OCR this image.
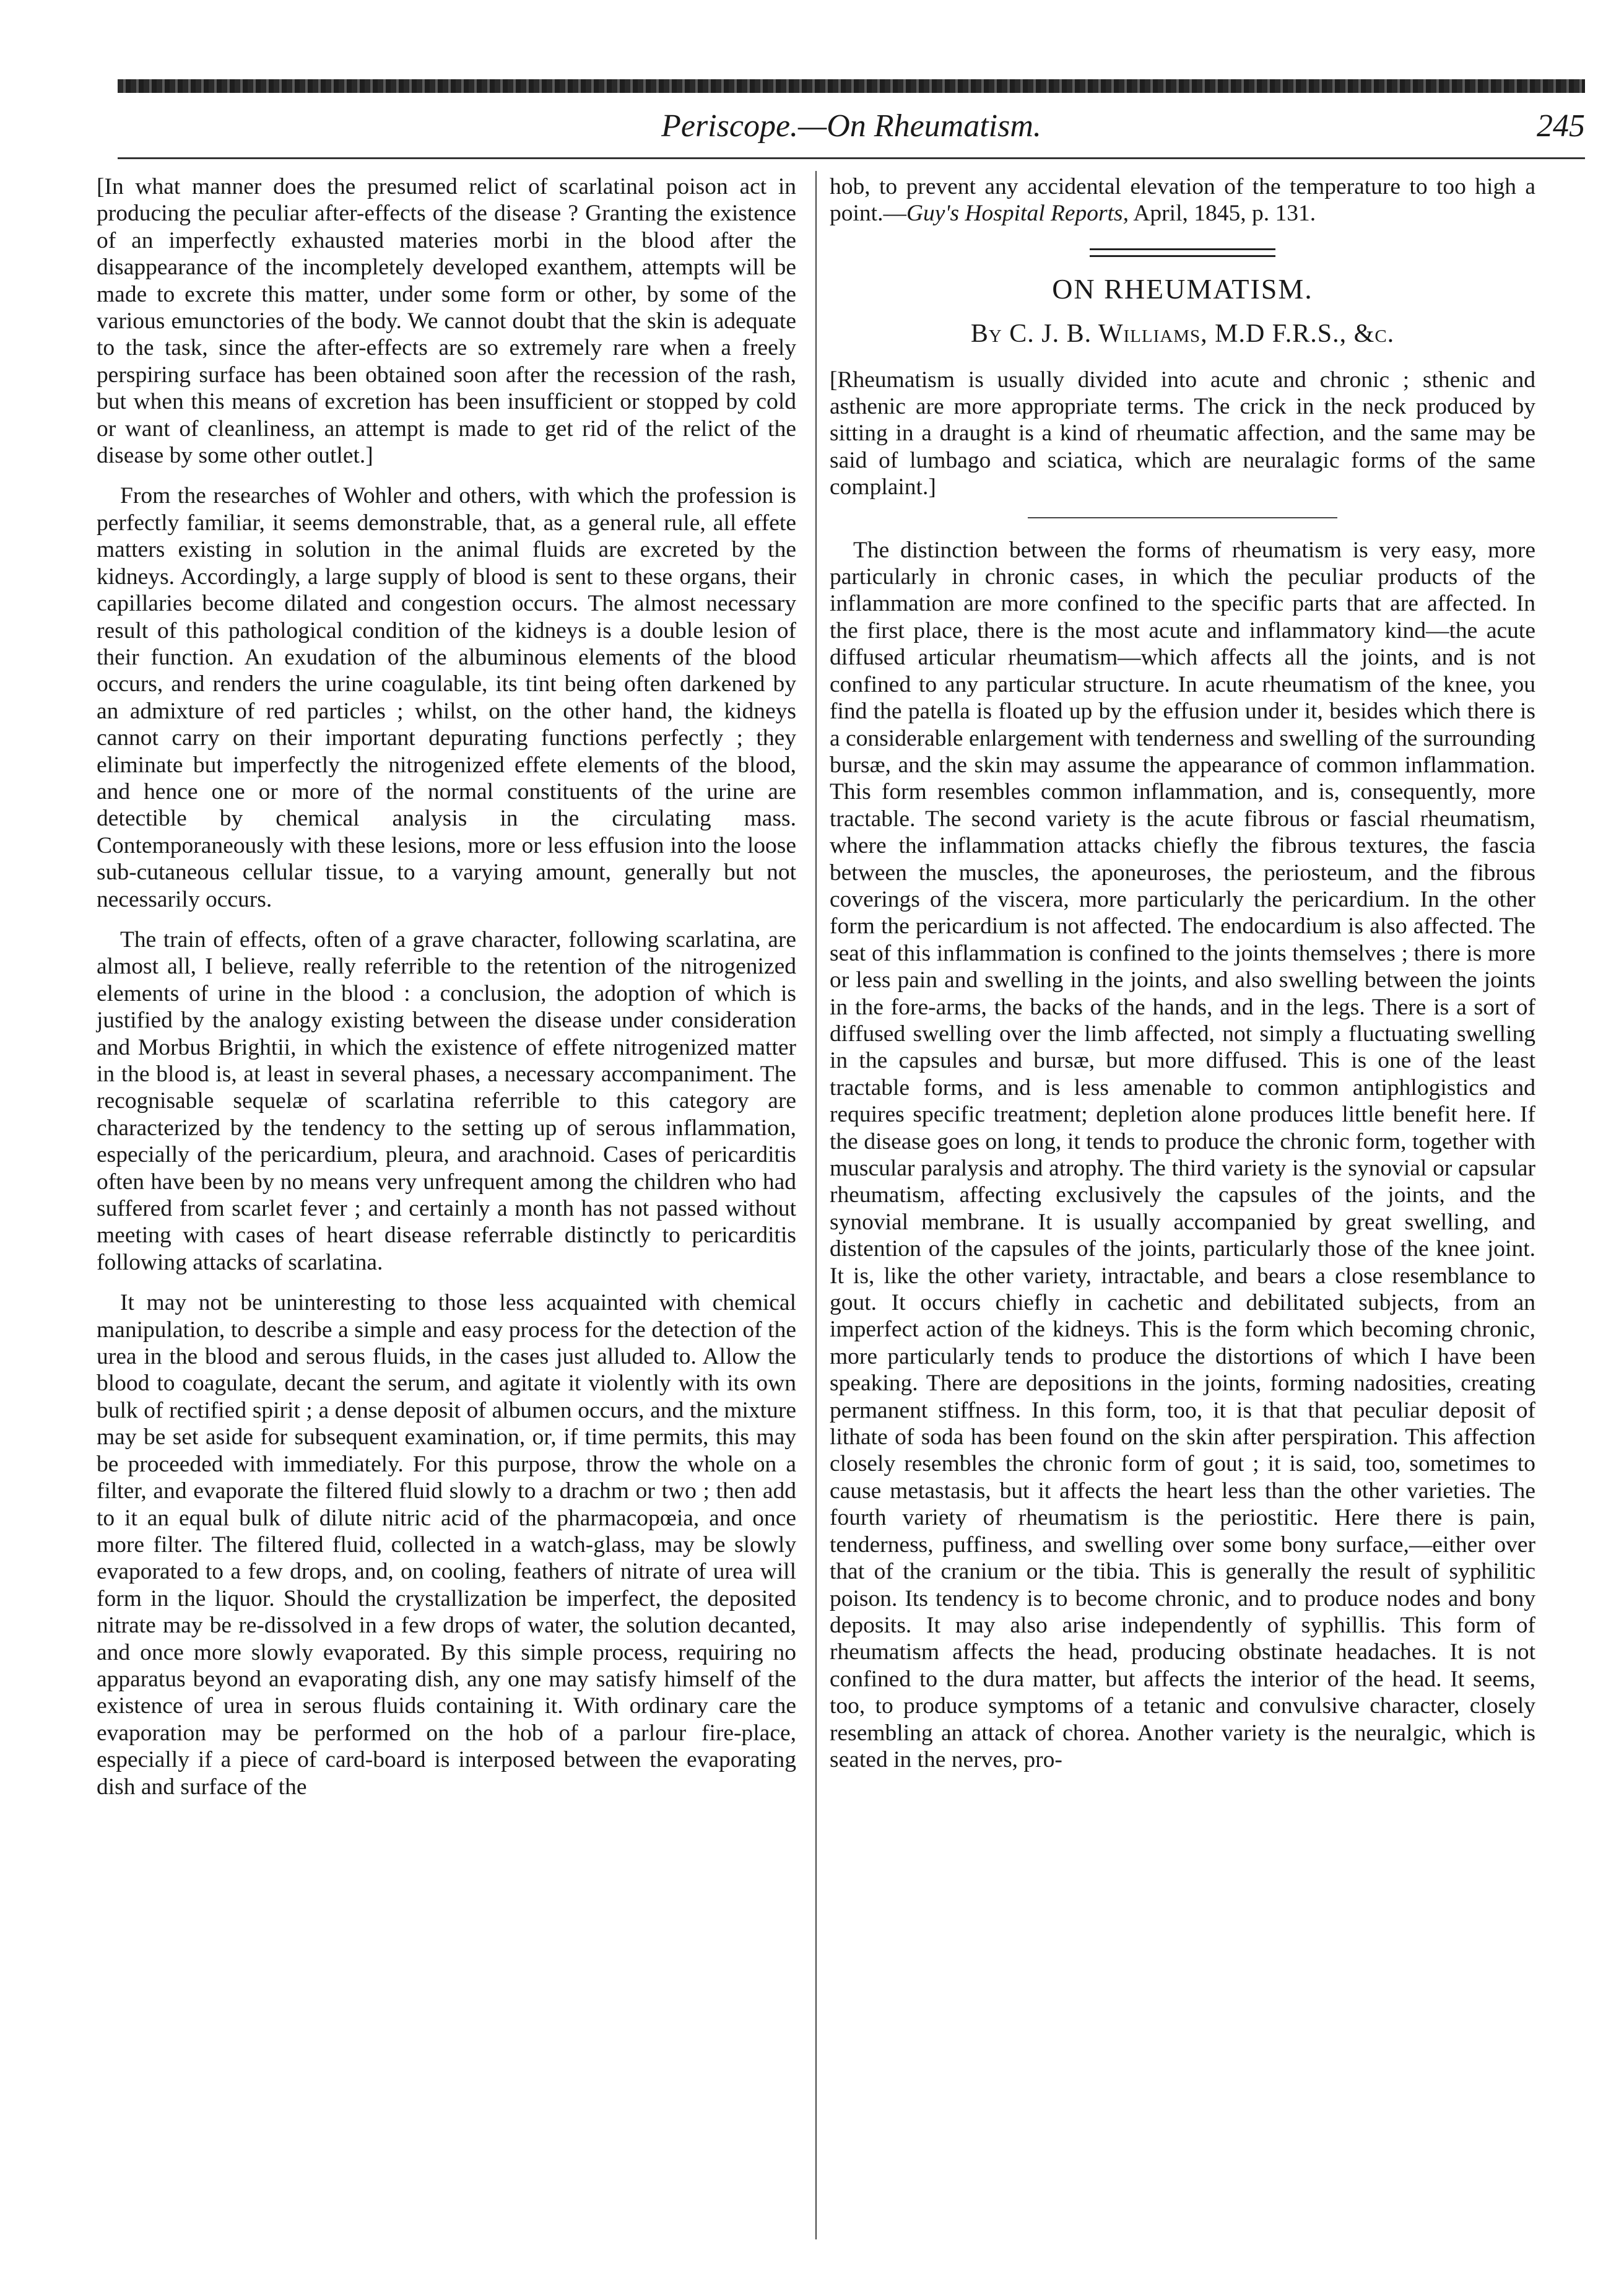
Periscope.—On Rheumatism.	245

[In what manner does the presumed relict of scarlatinal poison act in producing the peculiar after-effects of the disease ? Granting the existence of an imperfectly exhausted materies morbi in the blood after the disappearance of the incompletely developed exanthem, attempts will be made to excrete this matter, under some form or other, by some of the various emunctories of the body. We cannot doubt that the skin is adequate to the task, since the after-effects are so extremely rare when a freely perspiring surface has been obtained soon after the recession of the rash, but when this means of excretion has been insufficient or stopped by cold or want of cleanliness, an attempt is made to get rid of the relict of the disease by some other outlet.]

From the researches of Wohler and others, with which the profession is perfectly familiar, it seems demonstrable, that, as a general rule, all effete matters existing in solution in the animal fluids are excreted by the kidneys. Accordingly, a large supply of blood is sent to these organs, their capillaries become dilated and congestion occurs. The almost necessary result of this pathological condition of the kidneys is a double lesion of their function. An exudation of the albuminous elements of the blood occurs, and renders the urine coagulable, its tint being often darkened by an admixture of red particles ; whilst, on the other hand, the kidneys cannot carry on their important depurating functions perfectly ; they eliminate but imperfectly the nitrogenized effete elements of the blood, and hence one or more of the normal constituents of the urine are detectible by chemical analysis in the circulating mass. Contemporaneously with these lesions, more or less effusion into the loose sub-cutaneous cellular tissue, to a varying amount, generally but not necessarily occurs.

The train of effects, often of a grave character, following scarlatina, are almost all, I believe, really referrible to the retention of the nitrogenized elements of urine in the blood : a conclusion, the adoption of which is justified by the analogy existing between the disease under consideration and Morbus Brightii, in which the existence of effete nitrogenized matter in the blood is, at least in several phases, a necessary accompaniment. The recognisable sequelæ of scarlatina referrible to this category are characterized by the tendency to the setting up of serous inflammation, especially of the pericardium, pleura, and arachnoid. Cases of pericarditis often have been by no means very unfrequent among the children who had suffered from scarlet fever ; and certainly a month has not passed without meeting with cases of heart disease referrable distinctly to pericarditis following attacks of scarlatina.

It may not be uninteresting to those less acquainted with chemical manipulation, to describe a simple and easy process for the detection of the urea in the blood and serous fluids, in the cases just alluded to. Allow the blood to coagulate, decant the serum, and agitate it violently with its own bulk of rectified spirit ; a dense deposit of albumen occurs, and the mixture may be set aside for subsequent examination, or, if time permits, this may be proceeded with immediately. For this purpose, throw the whole on a filter, and evaporate the filtered fluid slowly to a drachm or two ; then add to it an equal bulk of dilute nitric acid of the pharmacopœia, and once more filter. The filtered fluid, collected in a watch-glass, may be slowly evaporated to a few drops, and, on cooling, feathers of nitrate of urea will form in the liquor. Should the crystallization be imperfect, the deposited nitrate may be re-dissolved in a few drops of water, the solution decanted, and once more slowly evaporated. By this simple process, requiring no apparatus beyond an evaporating dish, any one may satisfy himself of the existence of urea in serous fluids containing it. With ordinary care the evaporation may be performed on the hob of a parlour fire-place, especially if a piece of card-board is interposed between the evaporating dish and surface of the

hob, to prevent any accidental elevation of the temperature to too high a point.—Guy's Hospital Reports, April, 1845, p. 131.

ON RHEUMATISM.
By C. J. B. Williams, M.D F.R.S., &c.

[Rheumatism is usually divided into acute and chronic ; sthenic and asthenic are more appropriate terms. The crick in the neck produced by sitting in a draught is a kind of rheumatic affection, and the same may be said of lumbago and sciatica, which are neuralagic forms of the same complaint.]

The distinction between the forms of rheumatism is very easy, more particularly in chronic cases, in which the peculiar products of the inflammation are more confined to the specific parts that are affected. In the first place, there is the most acute and inflammatory kind—the acute diffused articular rheumatism—which affects all the joints, and is not confined to any particular structure. In acute rheumatism of the knee, you find the patella is floated up by the effusion under it, besides which there is a considerable enlargement with tenderness and swelling of the surrounding bursæ, and the skin may assume the appearance of common inflammation. This form resembles common inflammation, and is, consequently, more tractable. The second variety is the acute fibrous or fascial rheumatism, where the inflammation attacks chiefly the fibrous textures, the fascia between the muscles, the aponeuroses, the periosteum, and the fibrous coverings of the viscera, more particularly the pericardium. In the other form the pericardium is not affected. The endocardium is also affected. The seat of this inflammation is confined to the joints themselves ; there is more or less pain and swelling in the joints, and also swelling between the joints in the fore-arms, the backs of the hands, and in the legs. There is a sort of diffused swelling over the limb affected, not simply a fluctuating swelling in the capsules and bursæ, but more diffused. This is one of the least tractable forms, and is less amenable to common antiphlogistics and requires specific treatment; depletion alone produces little benefit here. If the disease goes on long, it tends to produce the chronic form, together with muscular paralysis and atrophy. The third variety is the synovial or capsular rheumatism, affecting exclusively the capsules of the joints, and the synovial membrane. It is usually accompanied by great swelling, and distention of the capsules of the joints, particularly those of the knee joint. It is, like the other variety, intractable, and bears a close resemblance to gout. It occurs chiefly in cachetic and debilitated subjects, from an imperfect action of the kidneys. This is the form which becoming chronic, more particularly tends to produce the distortions of which I have been speaking. There are depositions in the joints, forming nadosities, creating permanent stiffness. In this form, too, it is that that peculiar deposit of lithate of soda has been found on the skin after perspiration. This affection closely resembles the chronic form of gout ; it is said, too, sometimes to cause metastasis, but it affects the heart less than the other varieties. The fourth variety of rheumatism is the periostitic. Here there is pain, tenderness, puffiness, and swelling over some bony surface,—either over that of the cranium or the tibia. This is generally the result of syphilitic poison. Its tendency is to become chronic, and to produce nodes and bony deposits. It may also arise independently of syphillis. This form of rheumatism affects the head, producing obstinate headaches. It is not confined to the dura matter, but affects the interior of the head. It seems, too, to produce symptoms of a tetanic and convulsive character, closely resembling an attack of chorea. Another variety is the neuralgic, which is seated in the nerves, pro-
